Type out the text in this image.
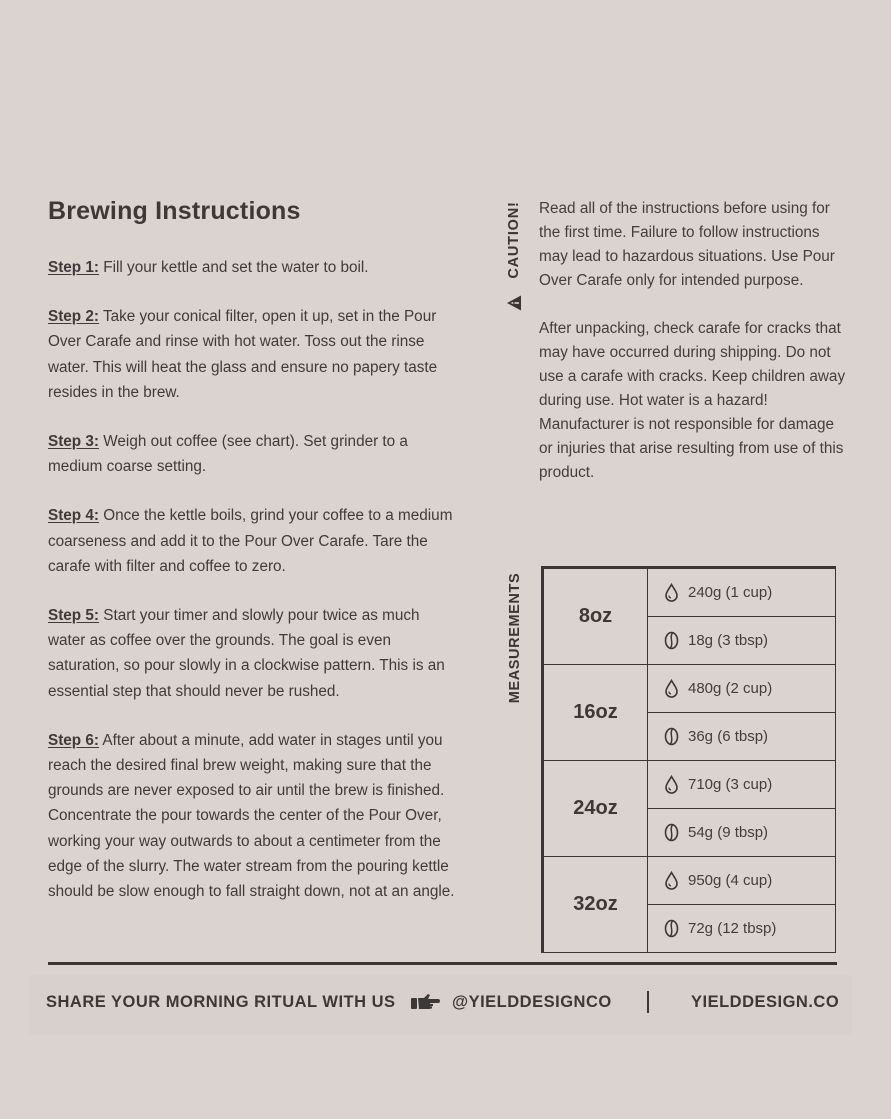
Brewing Instructions

Step 1: Fill your kettle and set the water to boil.

Step 2: Take your conical filter, open it up, set in the Pour Over Carafe and rinse with hot water. Toss out the rinse water. This will heat the glass and ensure no papery taste resides in the brew.

Step 3: Weigh out coffee (see chart). Set grinder to a medium coarse setting.

Step 4: Once the kettle boils, grind your coffee to a medium coarseness and add it to the Pour Over Carafe. Tare the carafe with filter and coffee to zero.

Step 5: Start your timer and slowly pour twice as much water as coffee over the grounds. The goal is even saturation, so pour slowly in a clockwise pattern. This is an essential step that should never be rushed.

Step 6: After about a minute, add water in stages until you reach the desired final brew weight, making sure that the grounds are never exposed to air until the brew is finished. Concentrate the pour towards the center of the Pour Over, working your way outwards to about a centimeter from the edge of the slurry. The water stream from the pouring kettle should be slow enough to fall straight down, not at an angle.

CAUTION! Read all of the instructions before using for the first time. Failure to follow instructions may lead to hazardous situations. Use Pour Over Carafe only for intended purpose.

After unpacking, check carafe for cracks that may have occurred during shipping. Do not use a carafe with cracks. Keep children away during use. Hot water is a hazard! Manufacturer is not responsible for damage or injuries that arise resulting from use of this product.

MEASUREMENTS	8oz	240g (1 cup)
	18g (3 tbsp)
16oz	480g (2 cup)
	36g (6 tbsp)
24oz	710g (3 cup)
	54g (9 tbsp)
32oz	950g (4 cup)
	72g (12 tbsp)
SHARE YOUR MORNING RITUAL WITH US	@YIELDDESIGNCO	YIELDDESIGN.CO
